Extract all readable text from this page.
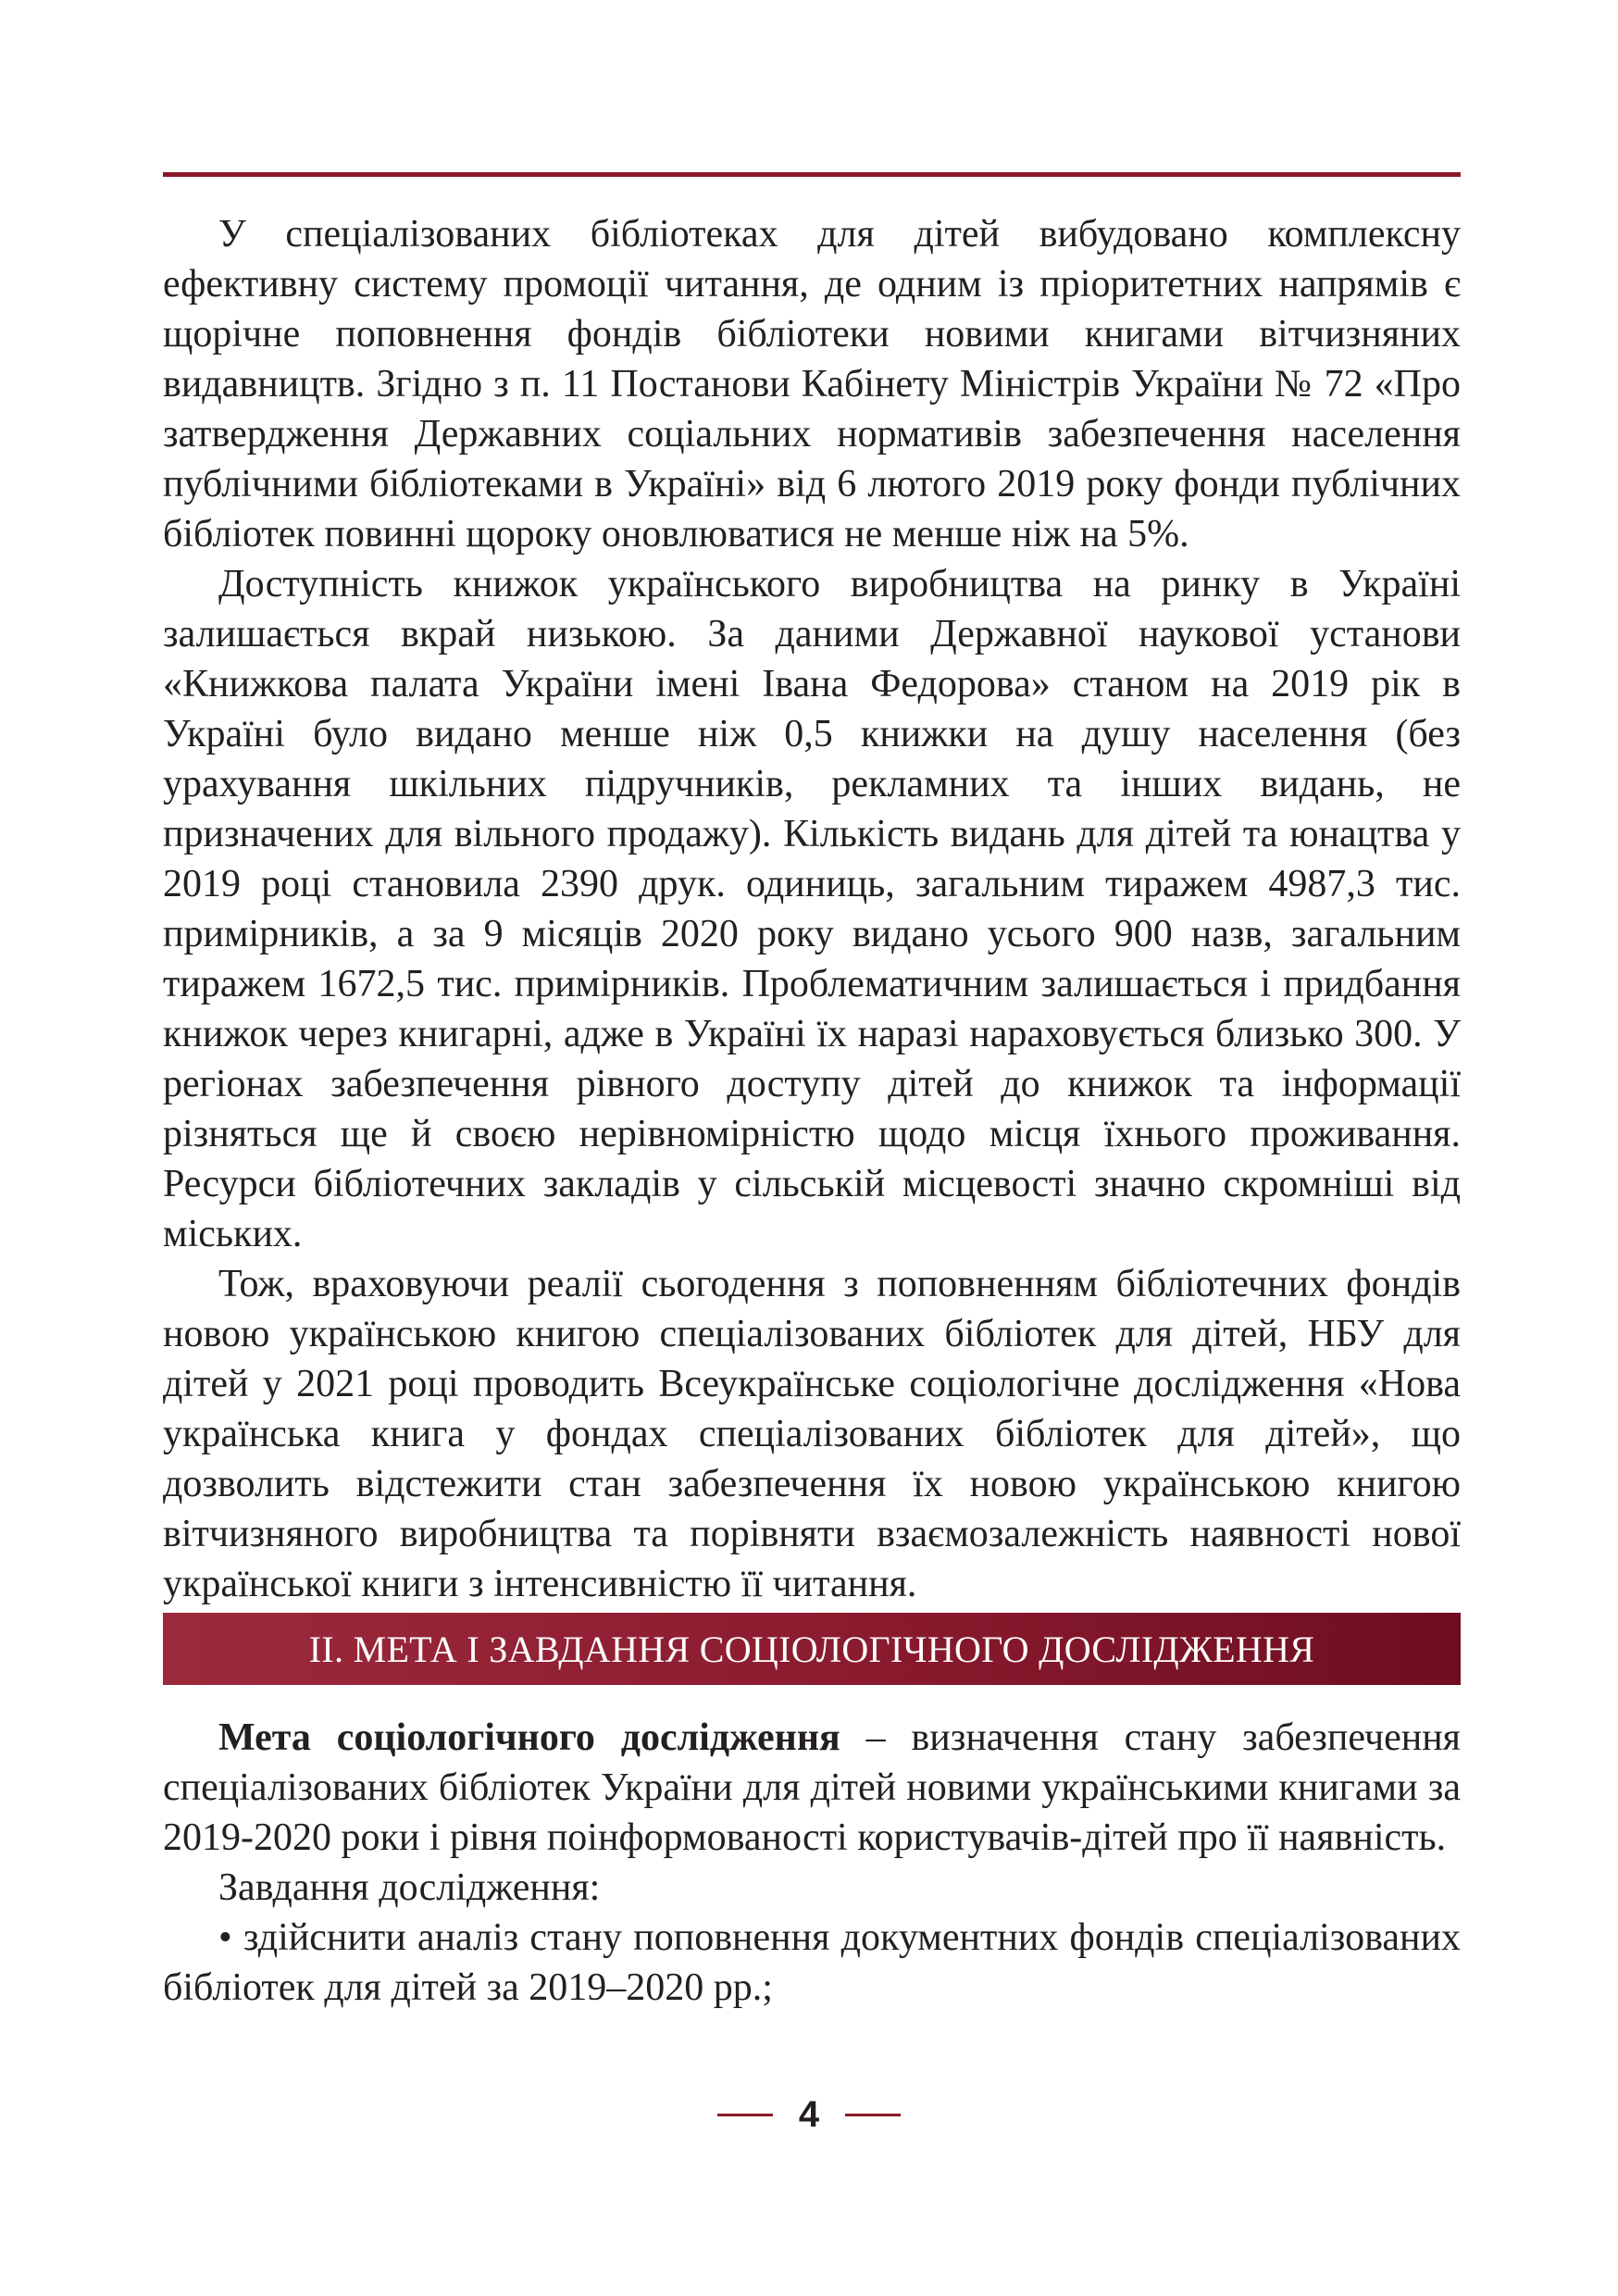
У спеціалізованих бібліотеках для дітей вибудовано комплексну ефективну систему промоції читання, де одним із пріоритетних напрямів є щорічне поповнення фондів бібліотеки новими книгами вітчизняних видавництв. Згідно з п. 11 Постанови Кабінету Міністрів України № 72 «Про затвердження Державних соціальних нормативів забезпечення населення публічними бібліотеками в Україні» від 6 лютого 2019 року фонди публічних бібліотек повинні щороку оновлюватися не менше ніж на 5%.

Доступність книжок українського виробництва на ринку в Україні залишається вкрай низькою. За даними Державної наукової установи «Книжкова палата України імені Івана Федорова» станом на 2019 рік в Україні було видано менше ніж 0,5 книжки на душу населення (без урахування шкільних підручників, рекламних та інших видань, не призначених для вільного продажу). Кількість видань для дітей та юнацтва у 2019 році становила 2390 друк. одиниць, загальним тиражем 4987,3 тис. примірників, а за 9 місяців 2020 року видано усього 900 назв, загальним тиражем 1672,5 тис. примірників. Проблематичним залишається і придбання книжок через книгарні, адже в Україні їх наразі нараховується близько 300. У регіонах забезпечення рівного доступу дітей до книжок та інформації різняться ще й своєю нерівномірністю щодо місця їхнього проживання. Ресурси бібліотечних закладів у сільській місцевості значно скромніші від міських.

Тож, враховуючи реалії сьогодення з поповненням бібліотечних фондів новою українською книгою спеціалізованих бібліотек для дітей, НБУ для дітей у 2021 році проводить Всеукраїнське соціологічне дослідження «Нова українська книга у фондах спеціалізованих бібліотек для дітей», що дозволить відстежити стан забезпечення їх новою українською книгою вітчизняного виробництва та порівняти взаємозалежність наявності нової української книги з інтенсивністю її читання.

ІІ. МЕТА І ЗАВДАННЯ СОЦІОЛОГІЧНОГО ДОСЛІДЖЕННЯ

Мета соціологічного дослідження – визначення стану забезпечення спеціалізованих бібліотек України для дітей новими українськими книгами за 2019-2020 роки і рівня поінформованості користувачів-дітей про її наявність.

Завдання дослідження:

• здійснити аналіз стану поповнення документних фондів спеціалізованих бібліотек для дітей за 2019–2020 рр.;

4
